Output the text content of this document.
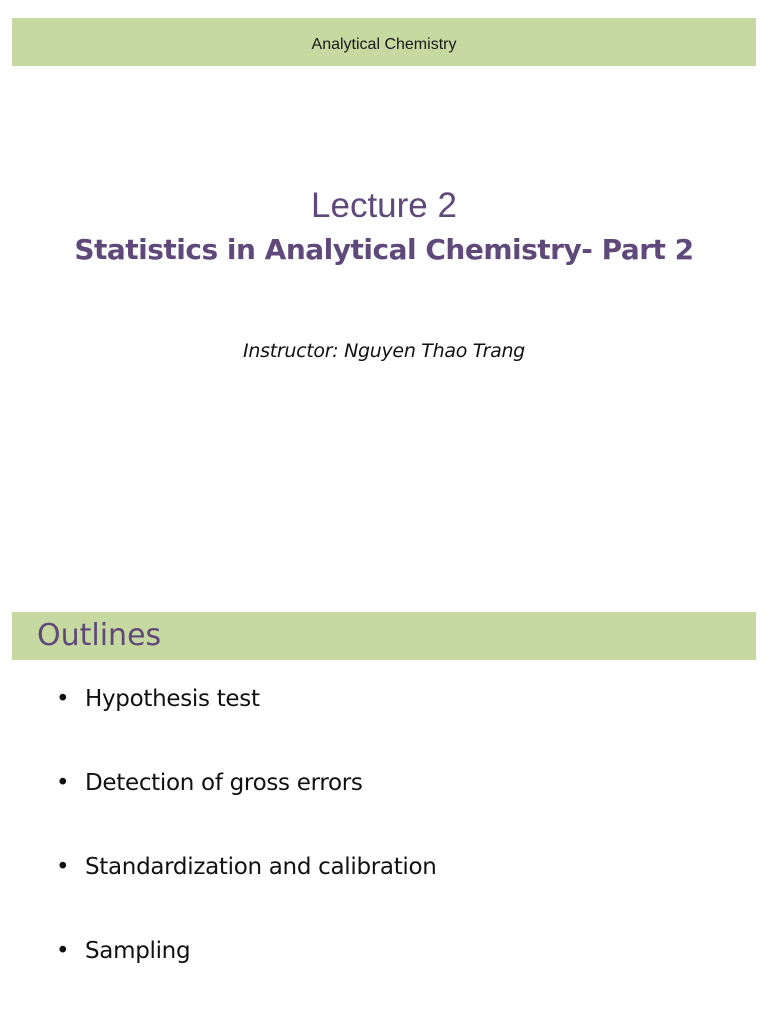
Analytical Chemistry
Lecture 2
Statistics in Analytical Chemistry- Part 2
Instructor: Nguyen Thao Trang
Outlines
• Hypothesis test
• Detection of gross errors
• Standardization and calibration
• Sampling
